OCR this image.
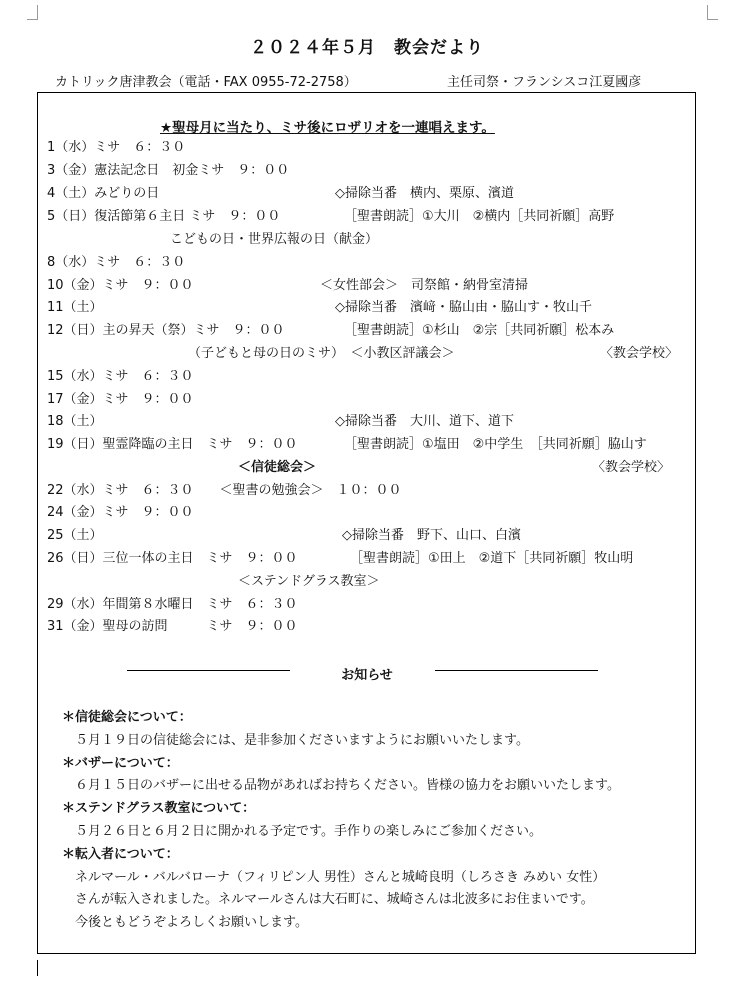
２０２４年５月　教会だより
カトリック唐津教会（電話・FAX 0955-72-2758）	主任司祭・フランシスコ江夏國彦
★聖母月に当たり、ミサ後にロザリオを一連唱えます。
1（水）ミサ　６：３０
3（金）憲法記念日　初金ミサ　９：００
4（土）みどりの日	◇掃除当番　横内、栗原、濱道
5（日）復活節第６主日 ミサ　９：００	［聖書朗読］①大川　②横内［共同祈願］高野
こどもの日・世界広報の日（献金）
8（水）ミサ　６：３０
10（金）ミサ　９：００	＜女性部会＞　司祭館・納骨室清掃
11（土）	◇掃除当番　濱﨑・脇山由・脇山す・牧山千
12（日）主の昇天（祭）ミサ　９：００	［聖書朗読］①杉山　②宗［共同祈願］松本み
（子どもと母の日のミサ）　＜小教区評議会＞	〈教会学校〉
15（水）ミサ　６：３０
17（金）ミサ　９：００
18（土）	◇掃除当番　大川、道下、道下
19（日）聖霊降臨の主日　ミサ　９：００	［聖書朗読］①塩田　②中学生　［共同祈願］脇山す
＜信徒総会＞	〈教会学校〉
22（水）ミサ　６：３０　　＜聖書の勉強会＞　１０：００
24（金）ミサ　９：００
25（土）	◇掃除当番　野下、山口、白濱
26（日）三位一体の主日　ミサ　９：００	［聖書朗読］①田上　②道下［共同祈願］牧山明
＜ステンドグラス教室＞
29（水）年間第８水曜日　ミサ　６：３０
31（金）聖母の訪問　　　ミサ　９：００
お知らせ
＊信徒総会について：
５月１９日の信徒総会には、是非参加くださいますようにお願いいたします。
＊バザーについて：
６月１５日のバザーに出せる品物があればお持ちください。皆様の協力をお願いいたします。
＊ステンドグラス教室について：
５月２６日と６月２日に開かれる予定です。手作りの楽しみにご参加ください。
＊転入者について：
ネルマール・バルバローナ（フィリピン人 男性）さんと城崎良明（しろさき みめい 女性）
さんが転入されました。ネルマールさんは大石町に、城崎さんは北波多にお住まいです。
今後ともどうぞよろしくお願いします。
